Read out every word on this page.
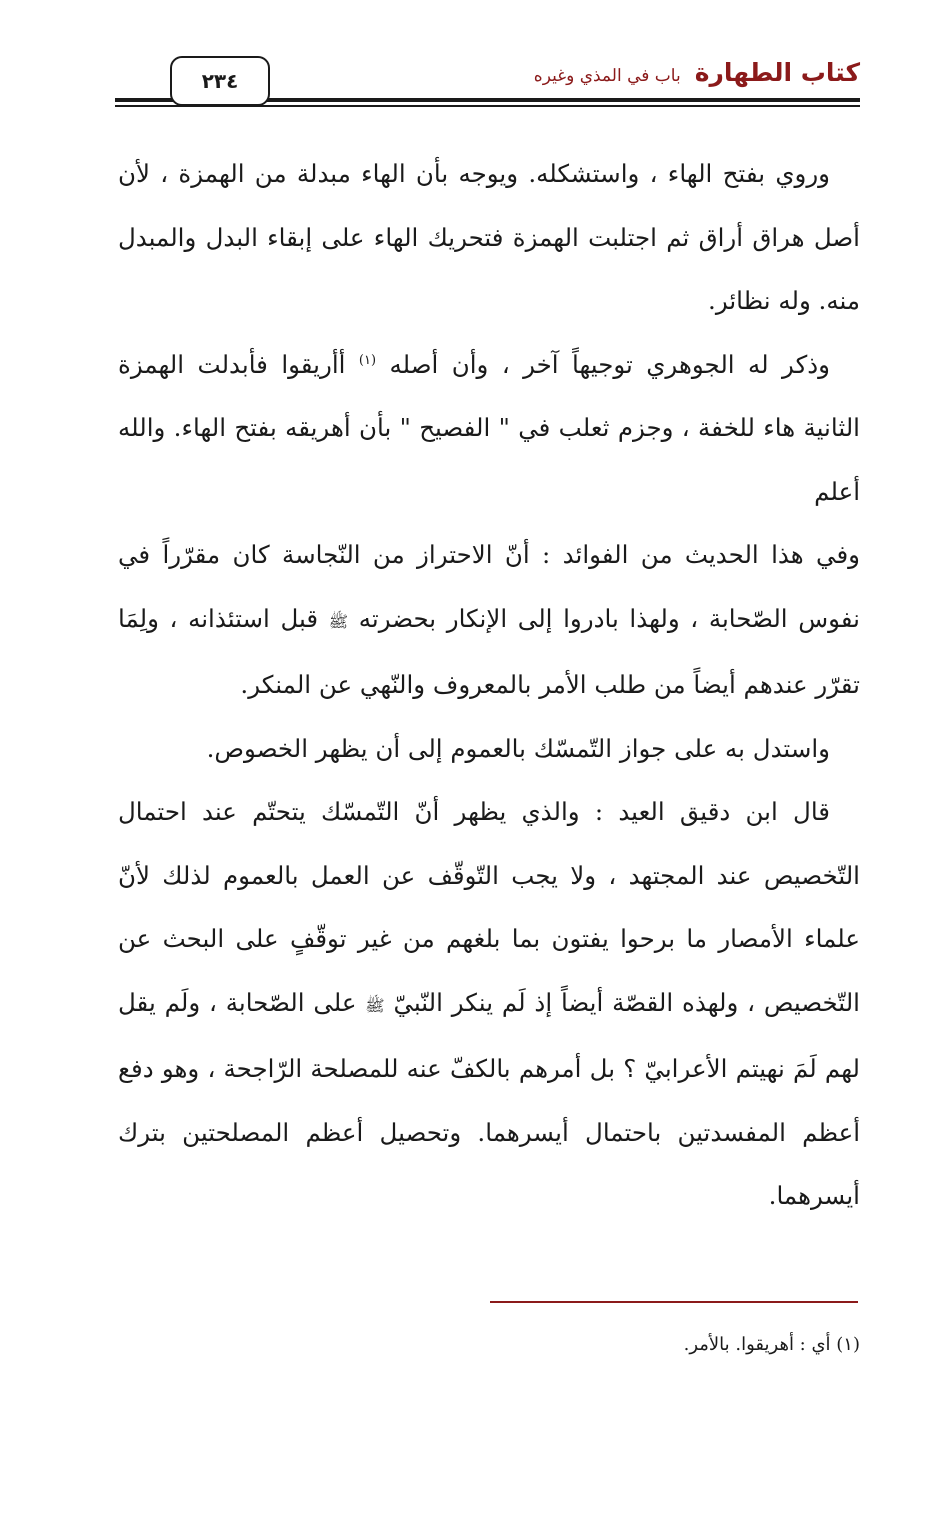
٢٣٤	كتاب الطهارة
باب في المذي وغيره

وروي بفتح الهاء ، واستشكله. ويوجه بأن الهاء مبدلة من الهمزة ، لأن أصل هراق أراق ثم اجتلبت الهمزة فتحريك الهاء على إبقاء البدل والمبدل منه. وله نظائر.

وذكر له الجوهري توجيهاً آخر ، وأن أصله $^{(١)}$ أأريقوا فأبدلت الهمزة الثانية هاء للخفة ، وجزم ثعلب في " الفصيح " بأن أهريقه بفتح الهاء. والله أعلم

وفي هذا الحديث من الفوائد : أنّ الاحتراز من النّجاسة كان مقرّراً في نفوس الصّحابة ، ولهذا بادروا إلى الإنكار بحضرته ﷺ قبل استئذانه ، ولِمَا تقرّر عندهم أيضاً من طلب الأمر بالمعروف والنّهي عن المنكر.

واستدل به على جواز التّمسّك بالعموم إلى أن يظهر الخصوص.

قال ابن دقيق العيد : والذي يظهر أنّ التّمسّك يتحتّم عند احتمال التّخصيص عند المجتهد ، ولا يجب التّوقّف عن العمل بالعموم لذلك لأنّ علماء الأمصار ما برحوا يفتون بما بلغهم من غير توقّفٍ على البحث عن التّخصيص ، ولهذه القصّة أيضاً إذ لَم ينكر النّبيّ ﷺ على الصّحابة ، ولَم يقل لهم لَمَ نهيتم الأعرابيّ ؟ بل أمرهم بالكفّ عنه للمصلحة الرّاجحة ، وهو دفع أعظم المفسدتين باحتمال أيسرهما. وتحصيل أعظم المصلحتين بترك أيسرهما.

(١) أي : أهريقوا. بالأمر.
